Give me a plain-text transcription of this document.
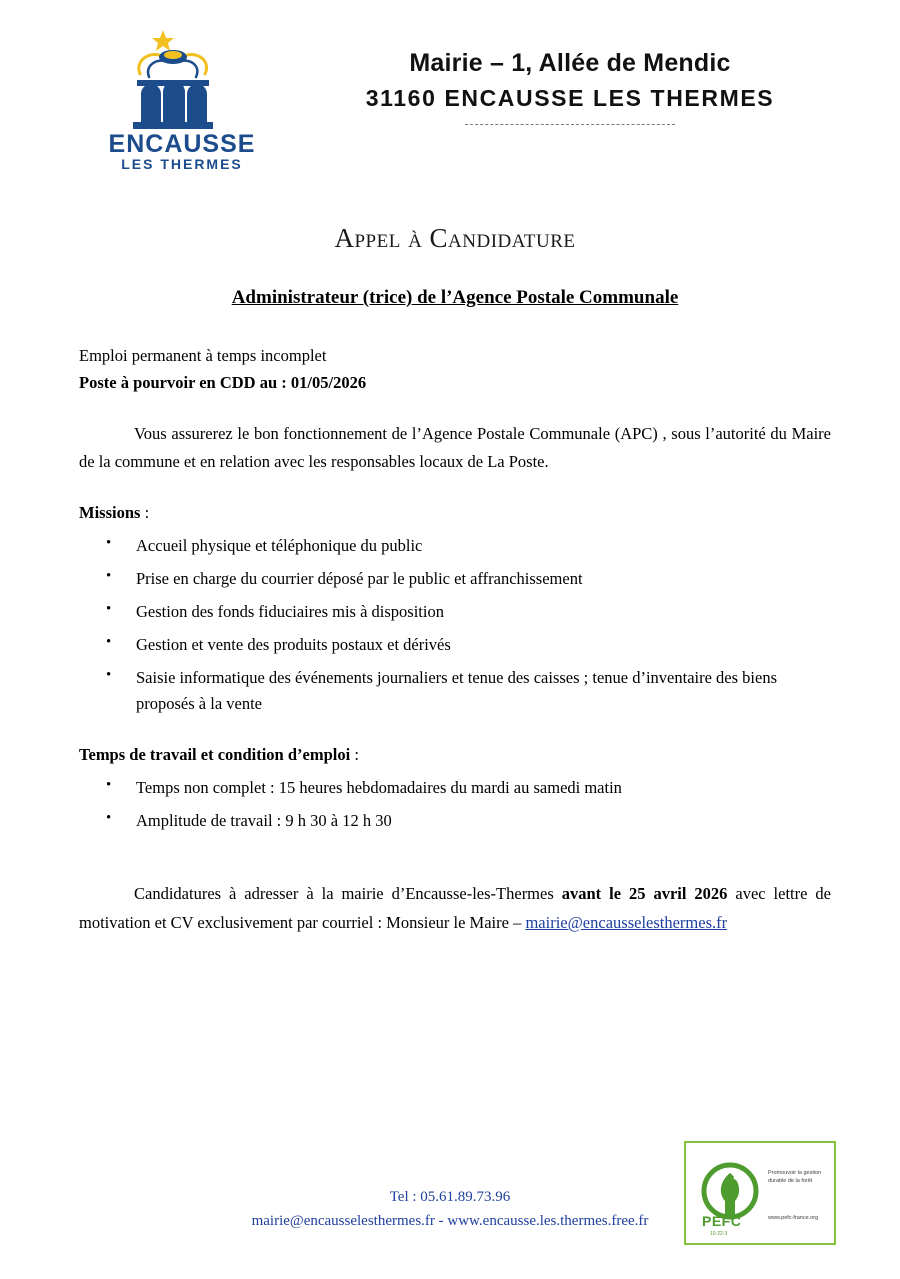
ENCAUSSE
LES THERMES
Mairie – 1, Allée de Mendic
31160 ENCAUSSE LES THERMES
Appel à Candidature
Administrateur (trice) de l’Agence Postale Communale
Emploi permanent à temps incomplet
Poste à pourvoir en CDD au : 01/05/2026
Vous assurerez le bon fonctionnement de l’Agence Postale Communale (APC) , sous l’autorité du Maire de la commune et en relation avec les responsables locaux de La Poste.
Missions :
• Accueil physique et téléphonique du public
• Prise en charge du courrier déposé par le public et affranchissement
• Gestion des fonds fiduciaires mis à disposition
• Gestion et vente des produits postaux et dérivés
• Saisie informatique des événements journaliers et tenue des caisses ; tenue d’inventaire des biens proposés à la vente
Temps de travail et condition d’emploi :
• Temps non complet : 15 heures hebdomadaires du mardi au samedi matin
• Amplitude de travail : 9 h 30 à 12 h 30
Candidatures à adresser à la mairie d’Encausse-les-Thermes avant le 25 avril 2026 avec lettre de motivation et CV exclusivement par courriel : Monsieur le Maire – mairie@encausselesthermes.fr
Promouvoir la gestion durable de la forêt
www.pefc-france.org
PEFC
10-22-3
Tel : 05.61.89.73.96
mairie@encausselesthermes.fr - www.encausse.les.thermes.free.fr
